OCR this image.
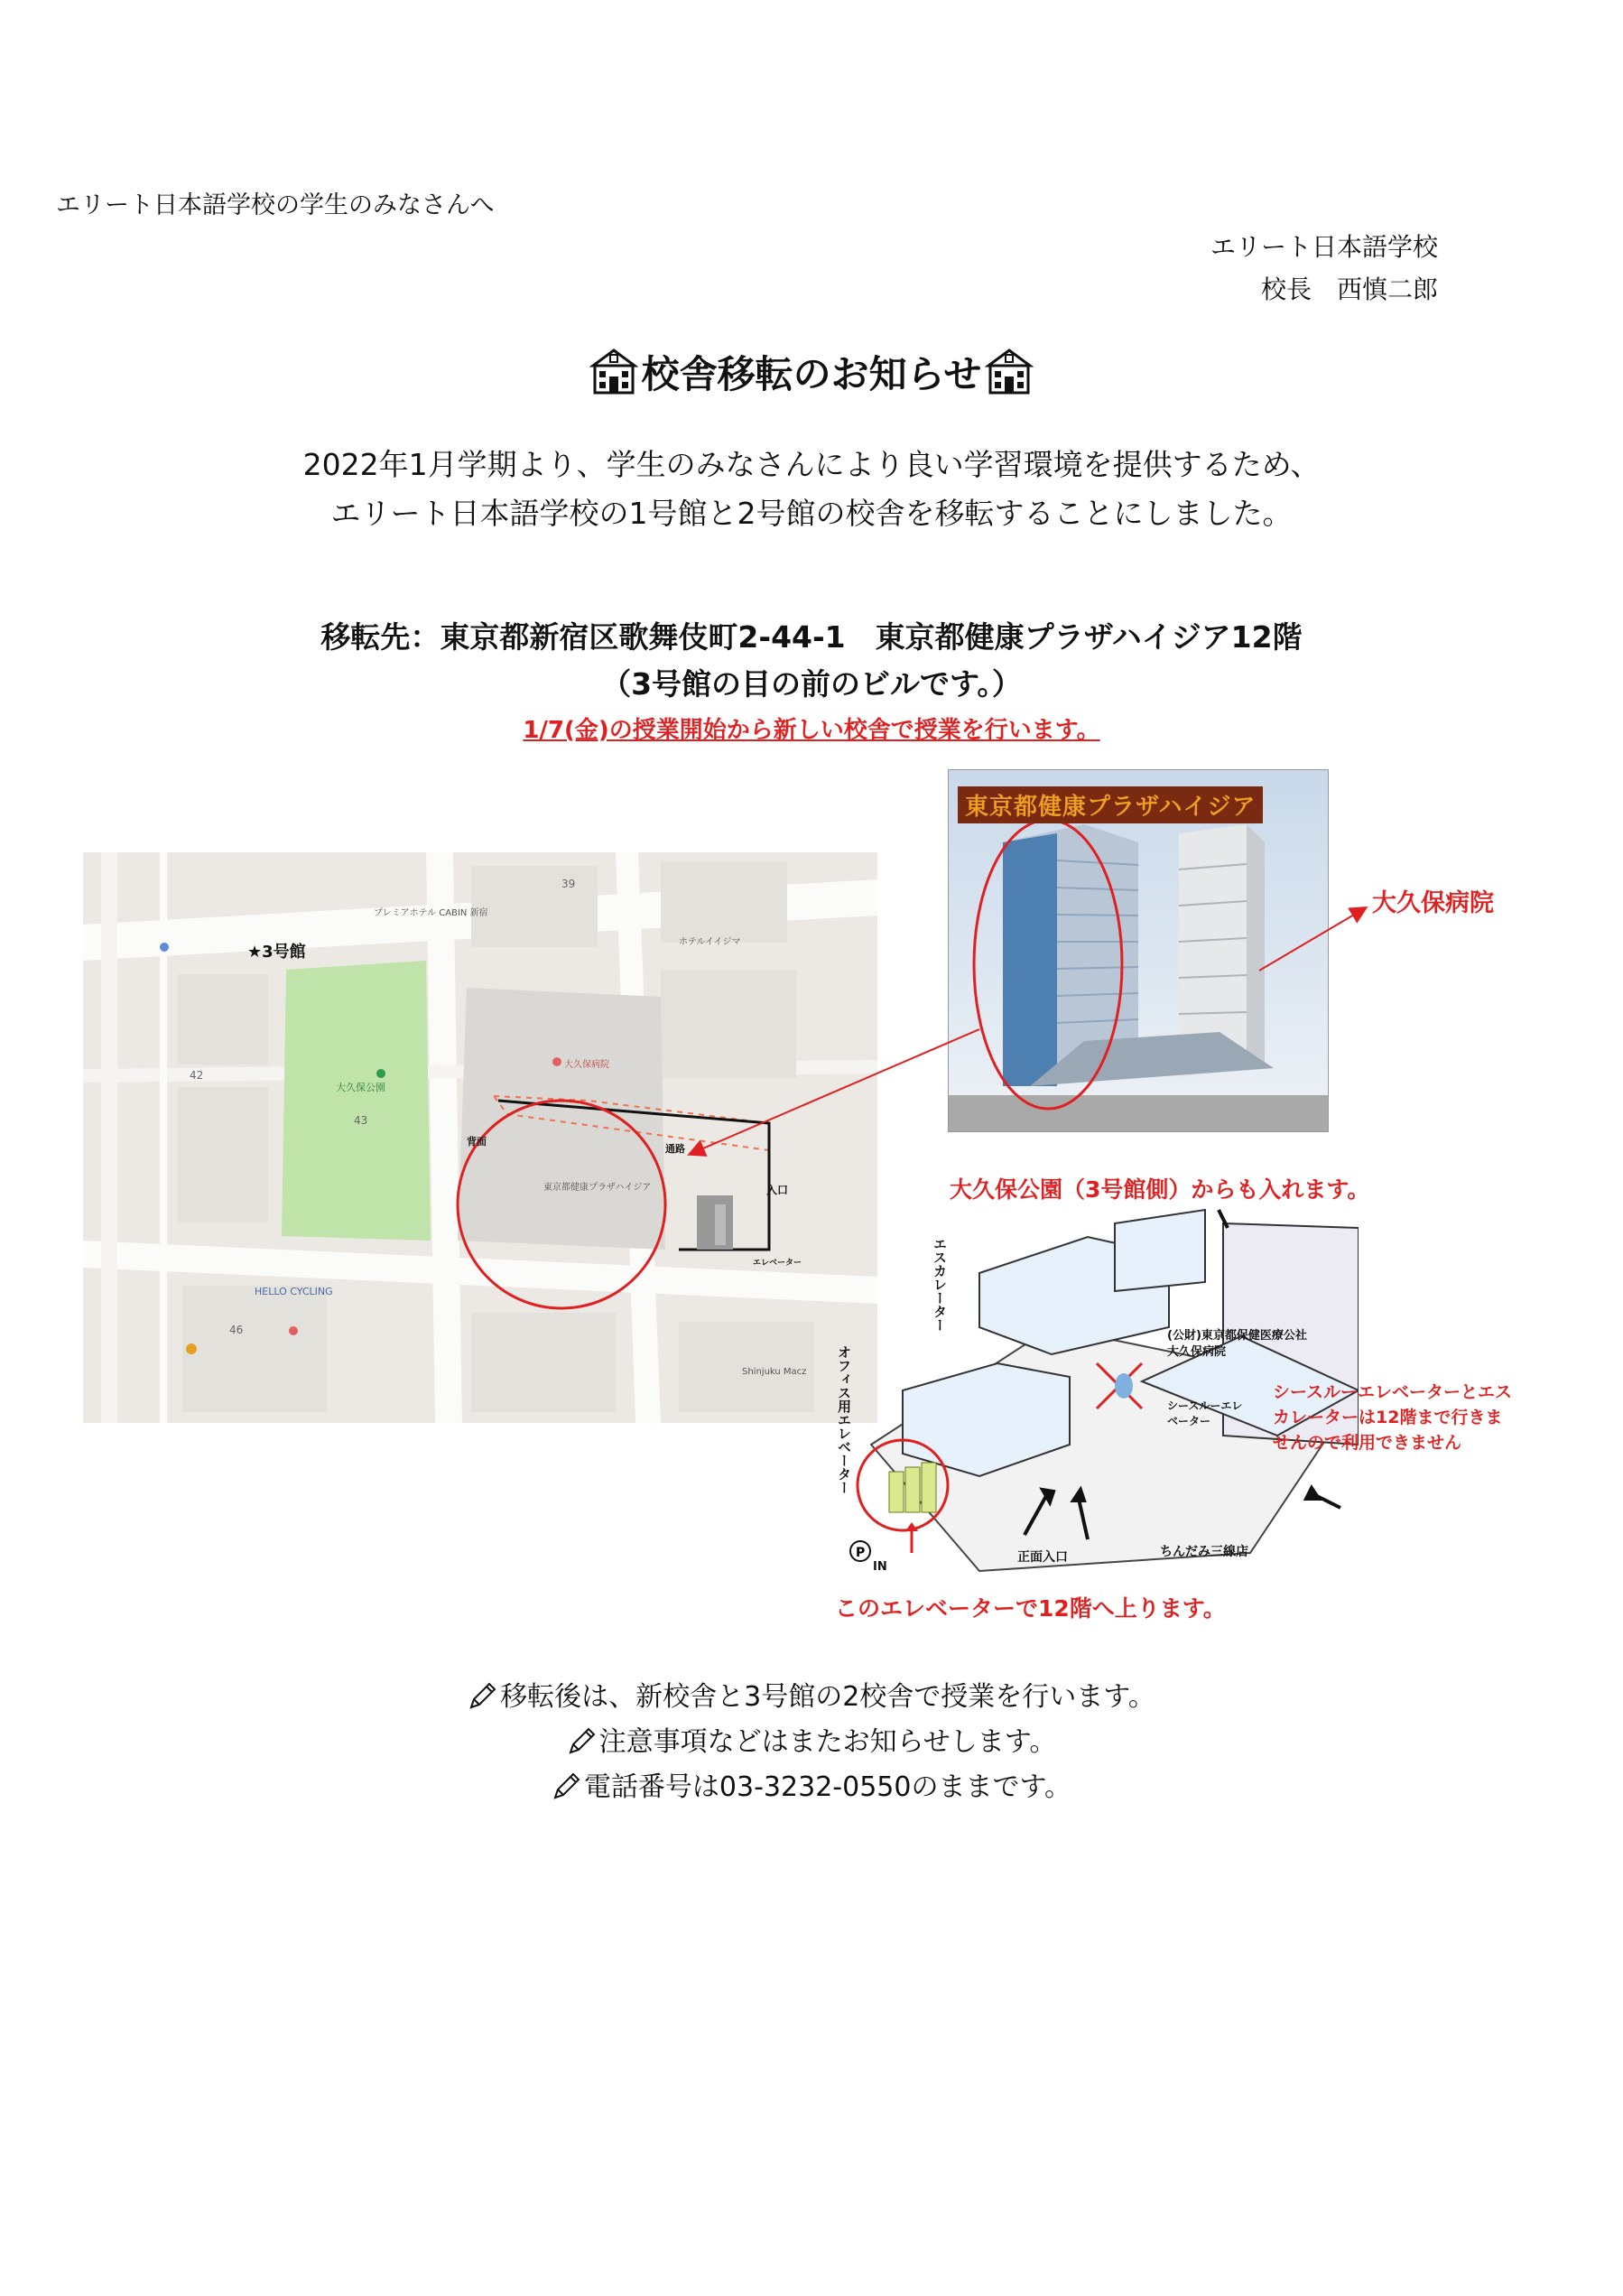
エリート日本語学校の学生のみなさんへ
エリート日本語学校
校長　西慎二郎
校舎移転のお知らせ
2022年1月学期より、学生のみなさんにより良い学習環境を提供するため、
エリート日本語学校の1号館と2号館の校舎を移転することにしました。
移転先：東京都新宿区歌舞伎町2-44-1　東京都健康プラザハイジア12階
（3号館の目の前のビルです。）
1/7(金)の授業開始から新しい校舎で授業を行います。
★3号館
大久保公園
43
39
42
46
東京都健康プラザハイジア
大久保病院
背面
通路
入口
エレベーター
HELLO CYCLING
プレミアホテル CABIN 新宿
ホテルイイジマ
Shinjuku Macz
東京都健康プラザハイジア
大久保病院
P
エスカレーター
オフィス用エレベーター
(公財)東京都保健医療公社
大久保病院
シースルーエレベーター
正面入口	ちんだみ三線店
IN
大久保公園（3号館側）からも入れます。
シースルーエレベーターとエスカレーターは12階まで行きませんので利用できません
このエレベーターで12階へ上ります。
移転後は、新校舎と3号館の2校舎で授業を行います。
注意事項などはまたお知らせします。
電話番号は03-3232-0550のままです。
